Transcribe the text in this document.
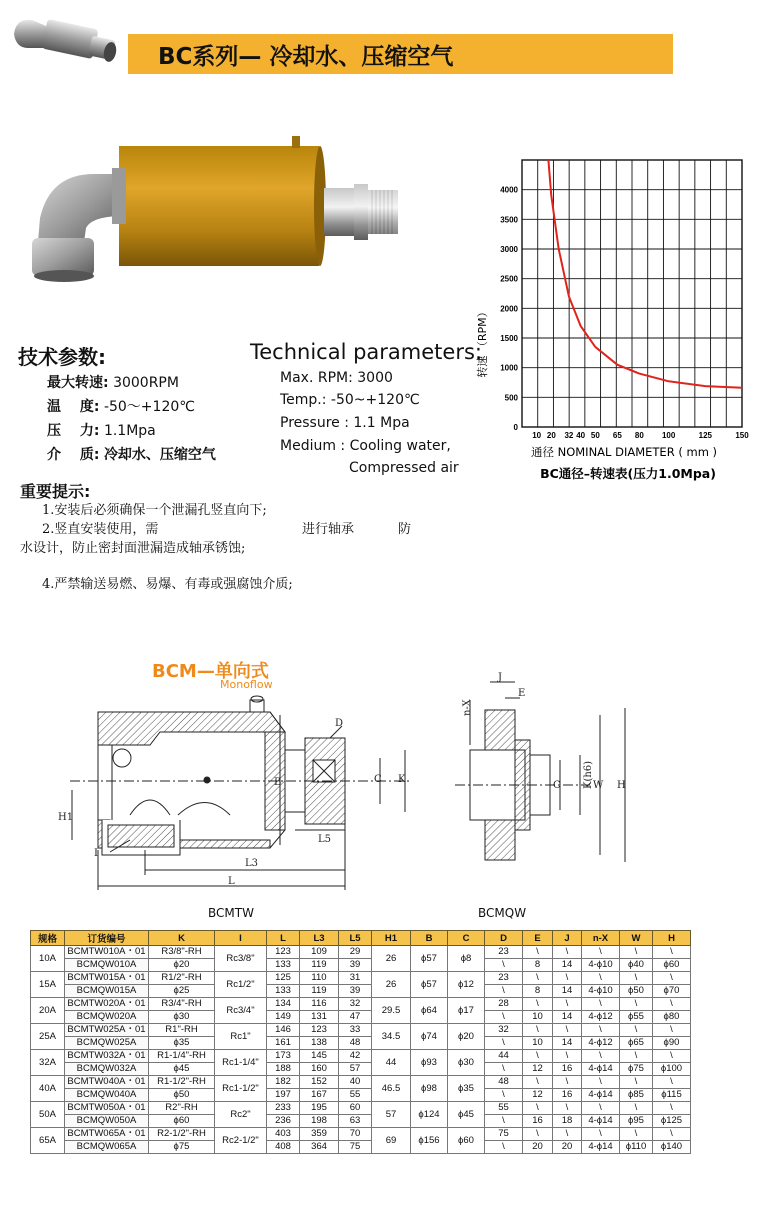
BC系列— 冷却水、压缩空气
技术参数:
最大转速: 3000RPM
温　 度: -50～+120℃
压　 力: 1.1Mpa
介　 质: 冷却水、压缩空气
Technical parameters:
Max. RPM: 3000
Temp.: -50~+120℃
Pressure : 1.1 Mpa
Medium : Cooling water,
Compressed air
0
500
1000
1500
2000
2500
3000
3500
4000
10 20 32 40 50 65 80 100	125	150
转速 （RPM）
通径 NOMINAL DIAMETER ( mm )
BC通径–转速表(压力1.0Mpa)
重要提示:
1.安装后必须确保一个泄漏孔竖直向下;
2.竖直安装使用，需	进行轴承	防
水设计，防止密封面泄漏造成轴承锈蚀;
4.严禁输送易燃、易爆、有毒或强腐蚀介质;
BCM—单向式
Monoflow
H1
B	C K
D
L5
L3
L
I
BCMTW
n-X
J
E
C K(h6) W H
BCMQW
规格	订货编号	K	I	L	L3	L5	H1	B	C	D	E	J	n-X	W	H
10A	BCMTW010A・01	R3/8"-RH	Rc3/8"	123	109	29	26	ϕ57	ϕ8	23	\	\	\	\	\
	BCMQW010A	ϕ20		133	119	39				\	8	14	4-ϕ10	ϕ40	ϕ60
15A	BCMTW015A・01	R1/2"-RH	Rc1/2"	125	110	31	26	ϕ57	ϕ12	23	\	\	\	\	\
	BCMQW015A	ϕ25		133	119	39				\	8	14	4-ϕ10	ϕ50	ϕ70
20A	BCMTW020A・01	R3/4"-RH	Rc3/4"	134	116	32	29.5	ϕ64	ϕ17	28	\	\	\	\	\
	BCMQW020A	ϕ30		149	131	47				\	10	14	4-ϕ12	ϕ55	ϕ80
25A	BCMTW025A・01	R1"-RH	Rc1"	146	123	33	34.5	ϕ74	ϕ20	32	\	\	\	\	\
	BCMQW025A	ϕ35		161	138	48				\	10	14	4-ϕ12	ϕ65	ϕ90
32A	BCMTW032A・01	R1-1/4"-RH	Rc1-1/4"	173	145	42	44	ϕ93	ϕ30	44	\	\	\	\	\
	BCMQW032A	ϕ45		188	160	57				\	12	16	4-ϕ14	ϕ75	ϕ100
40A	BCMTW040A・01	R1-1/2"-RH	Rc1-1/2"	182	152	40	46.5	ϕ98	ϕ35	48	\	\	\	\	\
	BCMQW040A	ϕ50		197	167	55				\	12	16	4-ϕ14	ϕ85	ϕ115
50A	BCMTW050A・01	R2"-RH	Rc2"	233	195	60	57	ϕ124	ϕ45	55	\	\	\	\	\
	BCMQW050A	ϕ60		236	198	63				\	16	18	4-ϕ14	ϕ95	ϕ125
65A	BCMTW065A・01	R2-1/2"-RH	Rc2-1/2"	403	359	70	69	ϕ156	ϕ60	75	\	\	\	\	\
	BCMQW065A	ϕ75		408	364	75				\	20	20	4-ϕ14	ϕ110	ϕ140
